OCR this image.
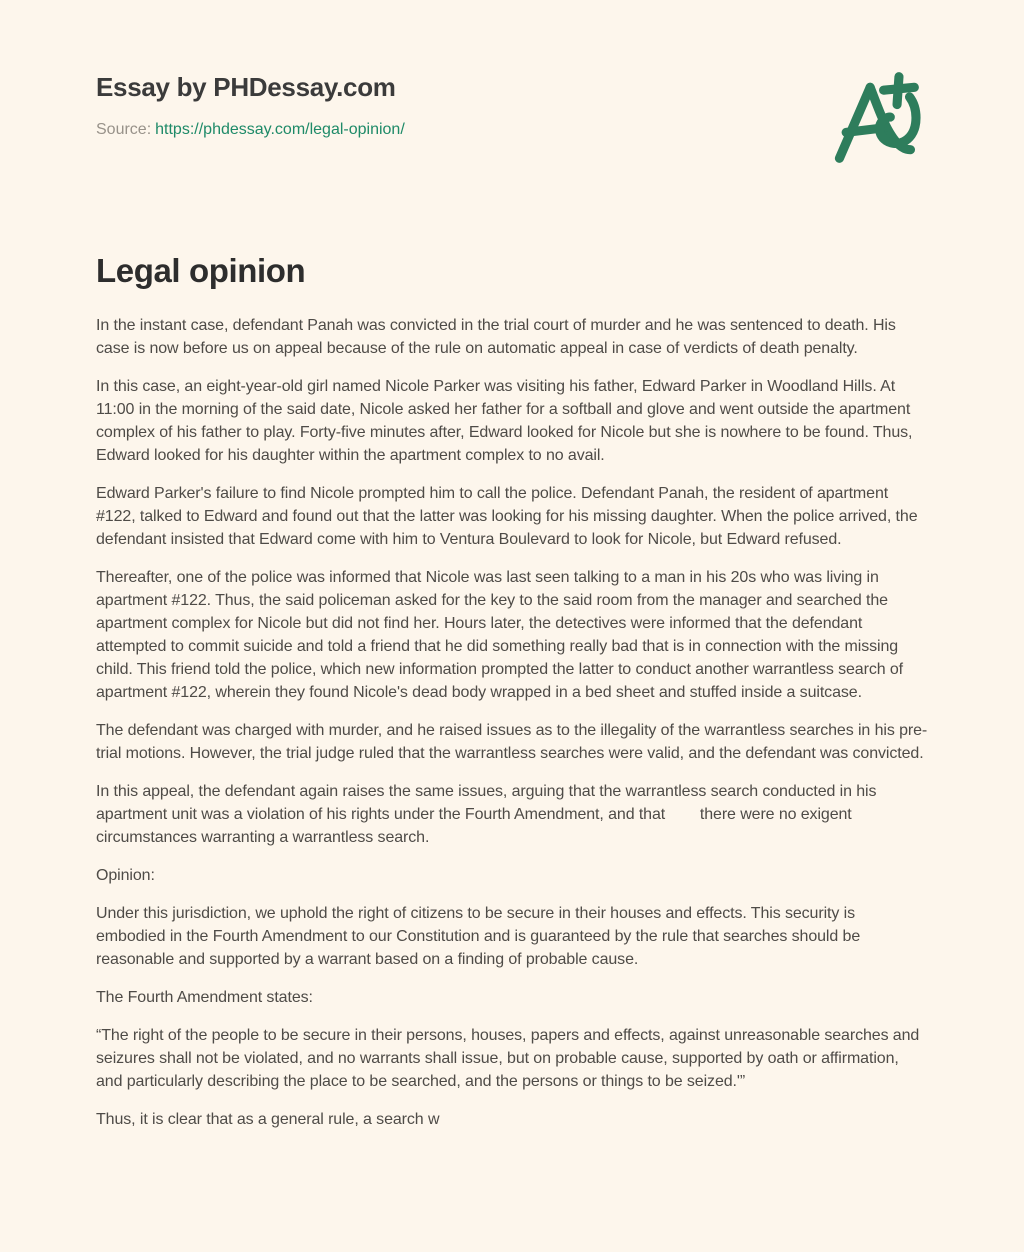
Essay by PHDessay.com
Source: https://phdessay.com/legal-opinion/
Legal opinion

In the instant case, defendant Panah was convicted in the trial court of murder and he was sentenced to death. His case is now before us on appeal because of the rule on automatic appeal in case of verdicts of death penalty.

In this case, an eight-year-old girl named Nicole Parker was visiting his father, Edward Parker in Woodland Hills. At 11:00 in the morning of the said date, Nicole asked her father for a softball and glove and went outside the apartment complex of his father to play. Forty-five minutes after, Edward looked for Nicole but she is nowhere to be found. Thus, Edward looked for his daughter within the apartment complex to no avail.

Edward Parker's failure to find Nicole prompted him to call the police. Defendant Panah, the resident of apartment #122, talked to Edward and found out that the latter was looking for his missing daughter. When the police arrived, the defendant insisted that Edward come with him to Ventura Boulevard to look for Nicole, but Edward refused.

Thereafter, one of the police was informed that Nicole was last seen talking to a man in his 20s who was living in apartment #122. Thus, the said policeman asked for the key to the said room from the manager and searched the apartment complex for Nicole but did not find her. Hours later, the detectives were informed that the defendant attempted to commit suicide and told a friend that he did something really bad that is in connection with the missing child. This friend told the police, which new information prompted the latter to conduct another warrantless search of apartment #122, wherein they found Nicole's dead body wrapped in a bed sheet and stuffed inside a suitcase.

The defendant was charged with murder, and he raised issues as to the illegality of the warrantless searches in his pre-trial motions. However, the trial judge ruled that the warrantless searches were valid, and the defendant was convicted.

In this appeal, the defendant again raises the same issues, arguing that the warrantless search conducted in his apartment unit was a violation of his rights under the Fourth Amendment, and that        there were no exigent circumstances warranting a warrantless search.

Opinion:

Under this jurisdiction, we uphold the right of citizens to be secure in their houses and effects. This security is embodied in the Fourth Amendment to our Constitution and is guaranteed by the rule that searches should be reasonable and supported by a warrant based on a finding of probable cause.

The Fourth Amendment states:

“The right of the people to be secure in their persons, houses, papers and effects, against unreasonable searches and seizures shall not be violated, and no warrants shall issue, but on probable cause, supported by oath or affirmation, and particularly describing the place to be searched, and the persons or things to be seized.'”

Thus, it is clear that as a general rule, a search w
